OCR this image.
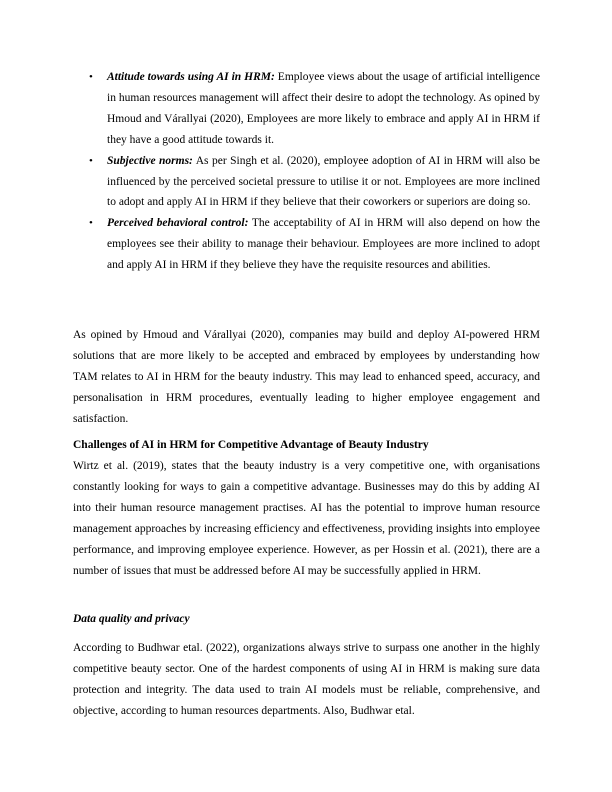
•	Attitude towards using AI in HRM: Employee views about the usage of artificial intelligence in human resources management will affect their desire to adopt the technology. As opined by Hmoud and Várallyai (2020), Employees are more likely to embrace and apply AI in HRM if they have a good attitude towards it.
•	Subjective norms: As per Singh et al. (2020), employee adoption of AI in HRM will also be influenced by the perceived societal pressure to utilise it or not. Employees are more inclined to adopt and apply AI in HRM if they believe that their coworkers or superiors are doing so.
•	Perceived behavioral control: The acceptability of AI in HRM will also depend on how the employees see their ability to manage their behaviour. Employees are more inclined to adopt and apply AI in HRM if they believe they have the requisite resources and abilities.

As opined by Hmoud and Várallyai (2020), companies may build and deploy AI-powered HRM solutions that are more likely to be accepted and embraced by employees by understanding how TAM relates to AI in HRM for the beauty industry. This may lead to enhanced speed, accuracy, and personalisation in HRM procedures, eventually leading to higher employee engagement and satisfaction.

Challenges of AI in HRM for Competitive Advantage of Beauty Industry

Wirtz et al. (2019), states that the beauty industry is a very competitive one, with organisations constantly looking for ways to gain a competitive advantage. Businesses may do this by adding AI into their human resource management practises. AI has the potential to improve human resource management approaches by increasing efficiency and effectiveness, providing insights into employee performance, and improving employee experience. However, as per Hossin et al. (2021), there are a number of issues that must be addressed before AI may be successfully applied in HRM.

Data quality and privacy

According to Budhwar etal. (2022), organizations always strive to surpass one another in the highly competitive beauty sector. One of the hardest components of using AI in HRM is making sure data protection and integrity. The data used to train AI models must be reliable, comprehensive, and objective, according to human resources departments. Also, Budhwar etal.
